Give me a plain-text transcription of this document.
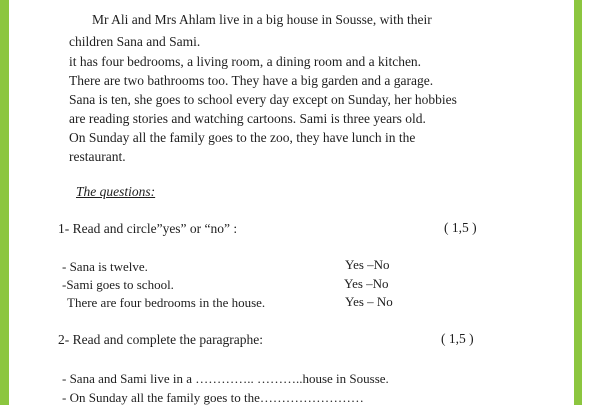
Mr Ali and Mrs Ahlam live in a big house in Sousse, with their
children Sana and Sami.
it has four bedrooms, a living room, a dining room and a kitchen.
There are two bathrooms too. They have a big garden and a garage.
Sana is ten, she goes to school every day except on Sunday, her hobbies
are reading stories and watching cartoons. Sami is three years old.
On Sunday all the family goes to the zoo, they have lunch in the
restaurant.
The questions:
1- Read and circle”yes” or “no” :	( 1,5 )
- Sana is twelve.	Yes –No
-Sami goes to school.	Yes –No
There are four bedrooms in the house.	Yes – No
2- Read and complete the paragraphe:	( 1,5 )
- Sana and Sami live in a ………….. ………..house in Sousse.
- On Sunday all the family goes to the……………………
